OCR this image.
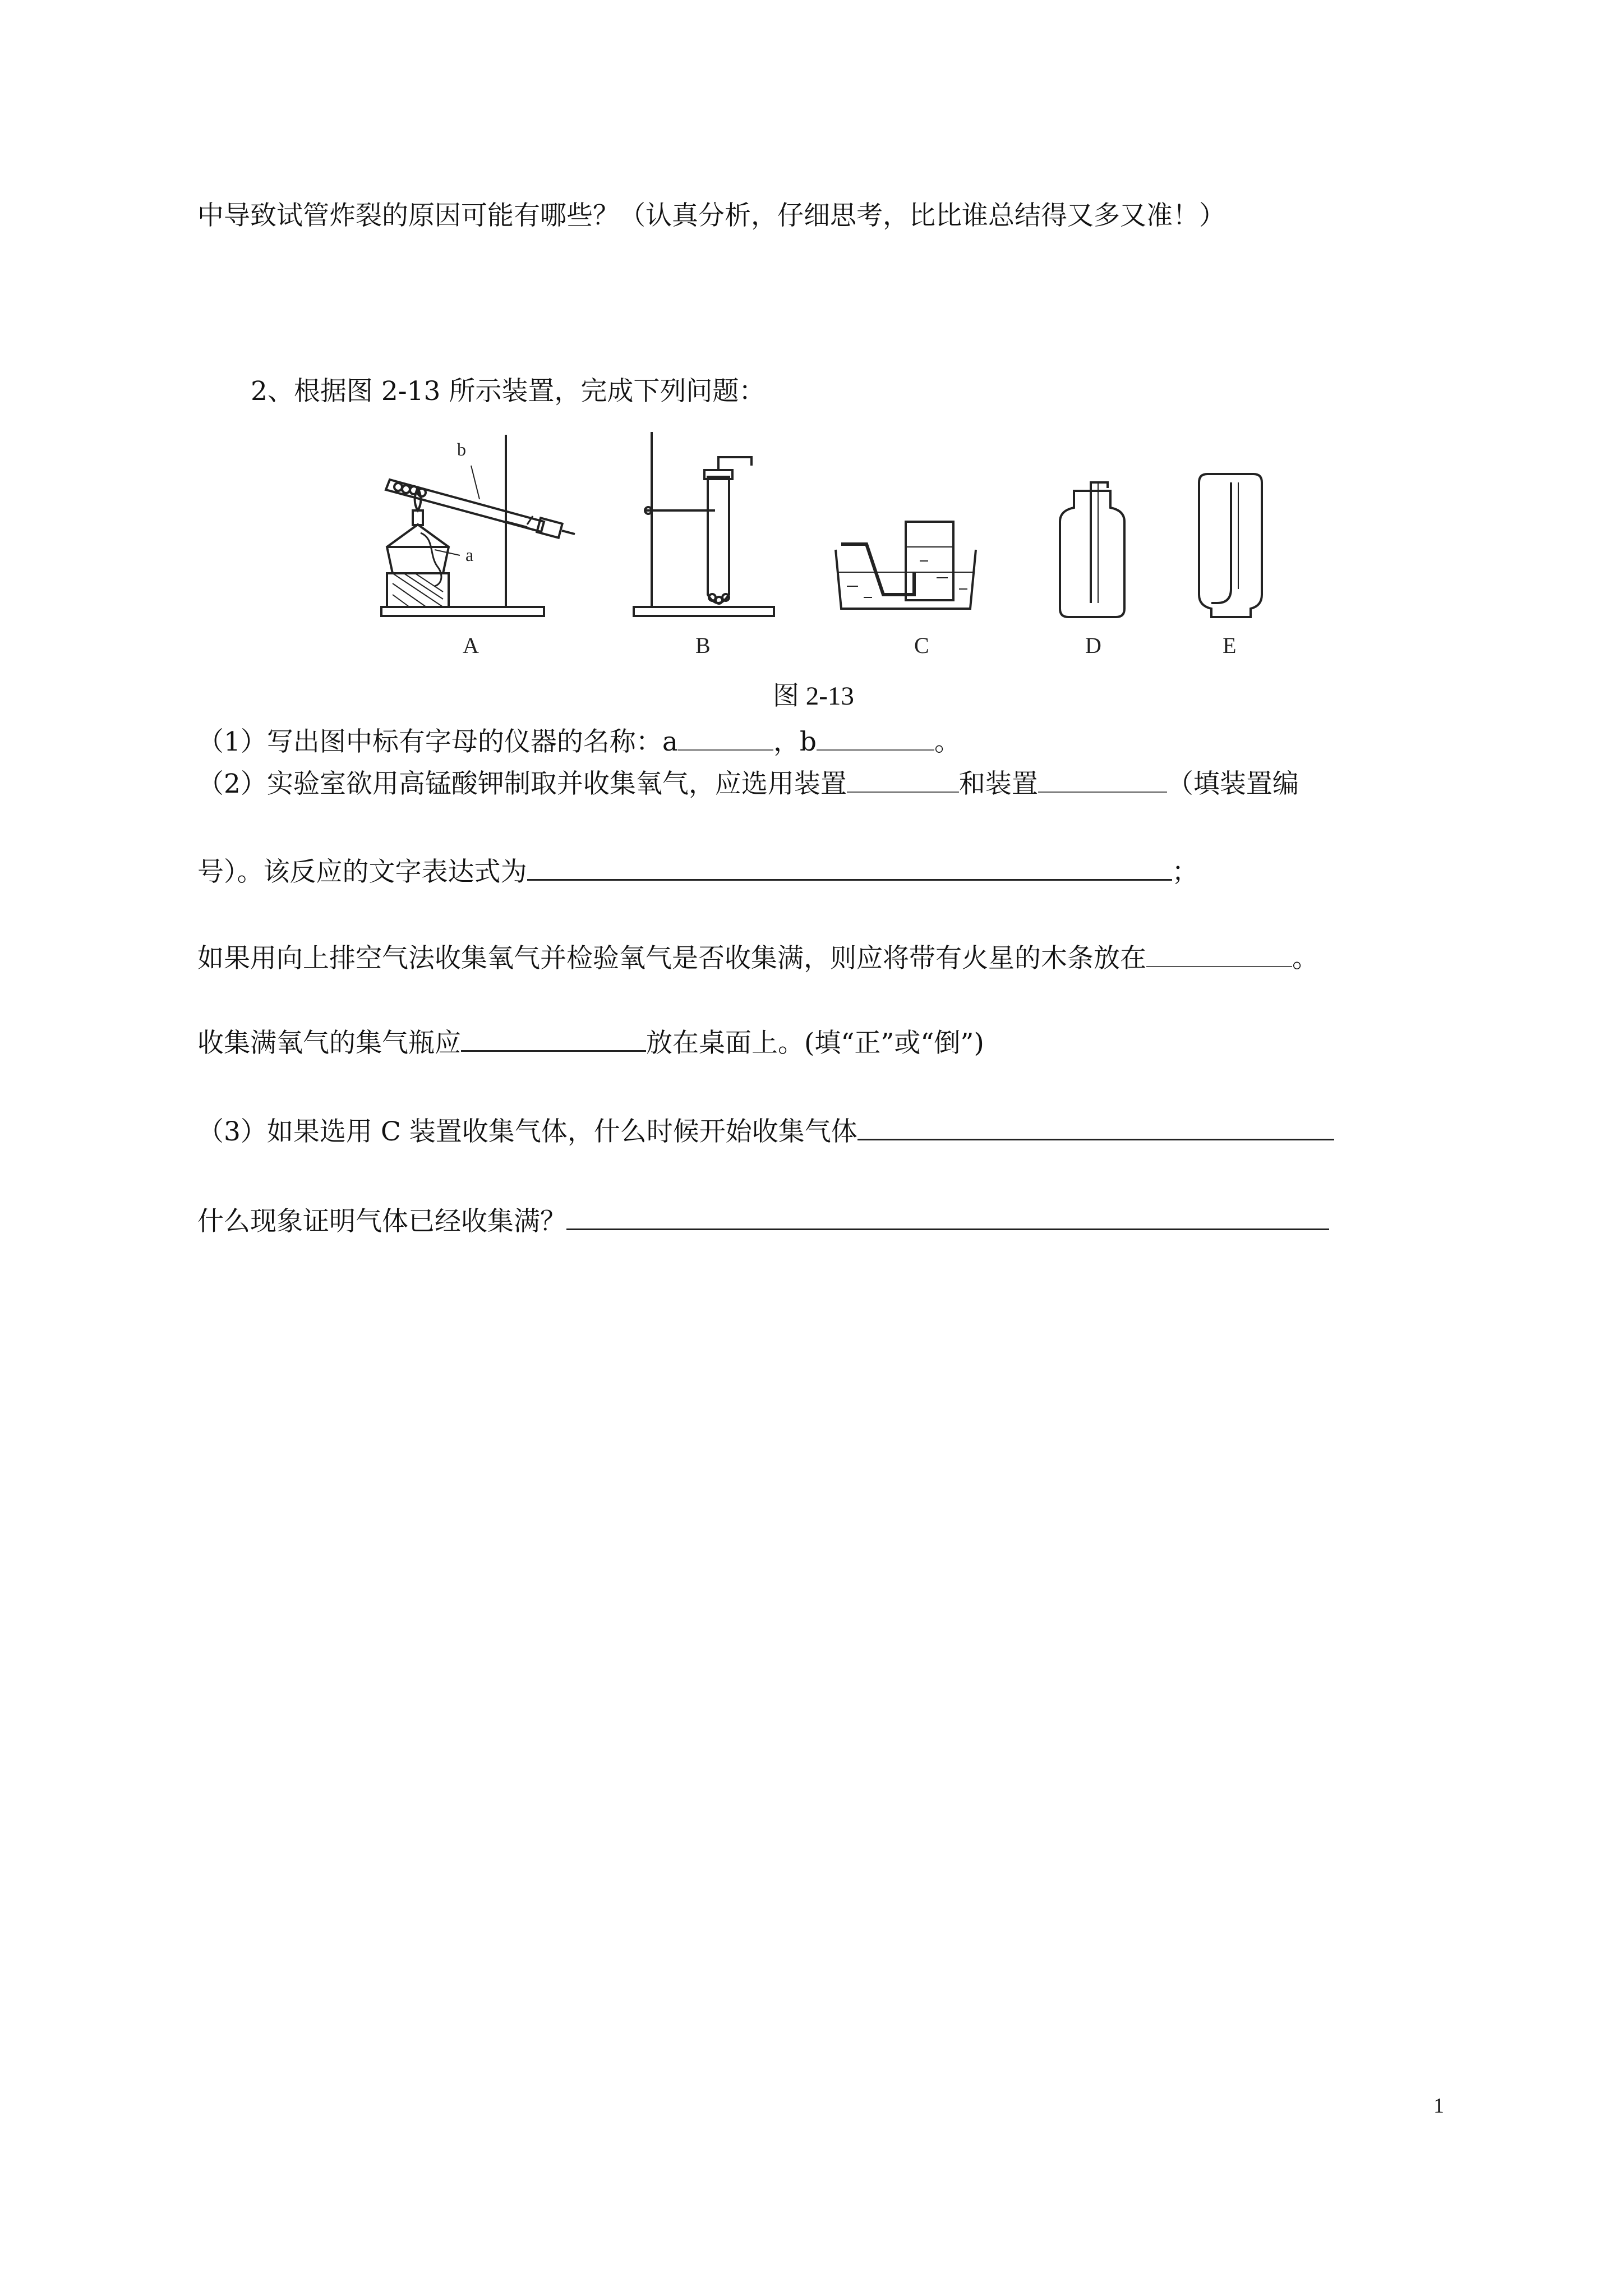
中导致试管炸裂的原因可能有哪些？（认真分析，仔细思考，比比谁总结得又多又准！）
2、根据图 2-13 所示装置，完成下列问题：
A	B	C	D	E
a
b
图 2-13
（1）写出图中标有字母的仪器的名称：a	，b	。
（2）实验室欲用高锰酸钾制取并收集氧气，应选用装置	和装置	（填装置编
号）。该反应的文字表达式为	；
如果用向上排空气法收集氧气并检验氧气是否收集满，则应将带有火星的木条放在	。
收集满氧气的集气瓶应	放在桌面上。(填“正”或“倒”)
（3）如果选用 C 装置收集气体，什么时候开始收集气体
什么现象证明气体已经收集满？
1
